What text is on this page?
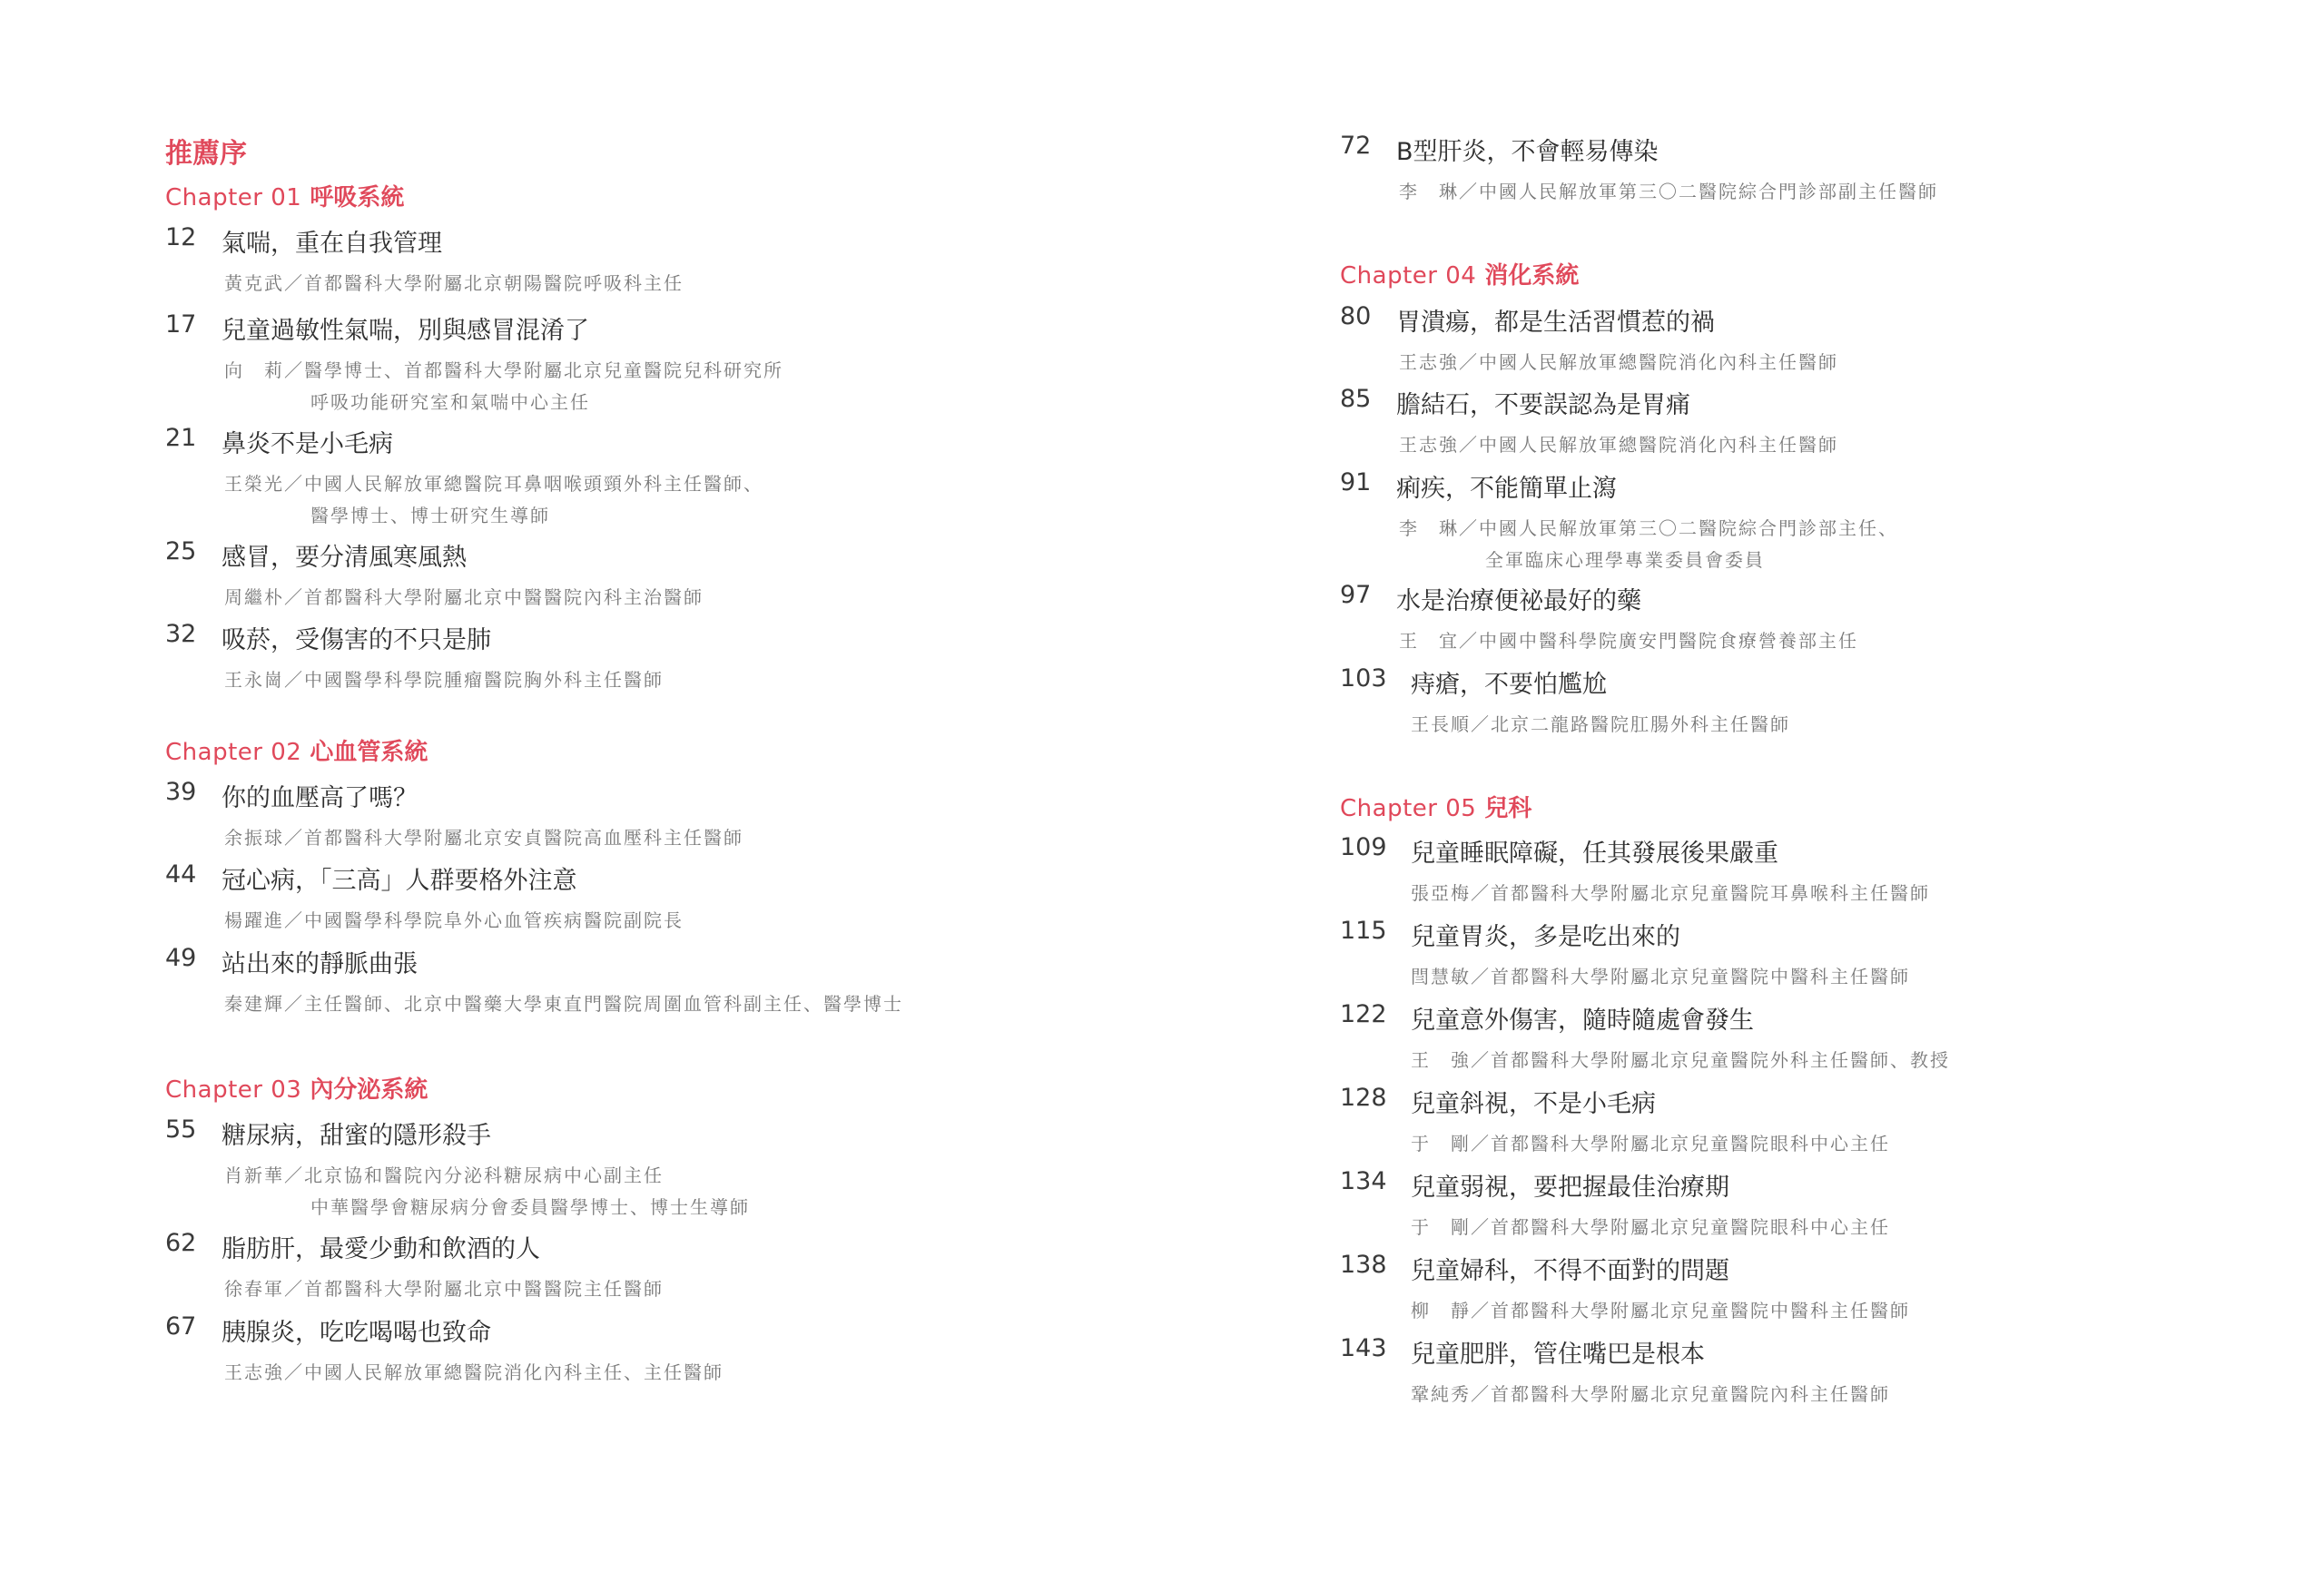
推薦序
Chapter 01 呼吸系統
12 氣喘，重在自我管理
黃克武／首都醫科大學附屬北京朝陽醫院呼吸科主任
17 兒童過敏性氣喘，別與感冒混淆了
向　莉／醫學博士、首都醫科大學附屬北京兒童醫院兒科研究所
呼吸功能研究室和氣喘中心主任
21 鼻炎不是小毛病
王榮光／中國人民解放軍總醫院耳鼻咽喉頭頸外科主任醫師、
醫學博士、博士研究生導師
25 感冒，要分清風寒風熱
周繼朴／首都醫科大學附屬北京中醫醫院內科主治醫師
32 吸菸，受傷害的不只是肺
王永崗／中國醫學科學院腫瘤醫院胸外科主任醫師
Chapter 02 心血管系統
39 你的血壓高了嗎？
余振球／首都醫科大學附屬北京安貞醫院高血壓科主任醫師
44 冠心病，「三高」人群要格外注意
楊躍進／中國醫學科學院阜外心血管疾病醫院副院長
49 站出來的靜脈曲張
秦建輝／主任醫師、北京中醫藥大學東直門醫院周圍血管科副主任、醫學博士
Chapter 03 內分泌系統
55 糖尿病，甜蜜的隱形殺手
肖新華／北京協和醫院內分泌科糖尿病中心副主任
中華醫學會糖尿病分會委員醫學博士、博士生導師
62 脂肪肝，最愛少動和飲酒的人
徐春軍／首都醫科大學附屬北京中醫醫院主任醫師
67 胰腺炎，吃吃喝喝也致命
王志強／中國人民解放軍總醫院消化內科主任、主任醫師
72 B型肝炎，不會輕易傳染
李　琳／中國人民解放軍第三〇二醫院綜合門診部副主任醫師
Chapter 04 消化系統
80 胃潰瘍，都是生活習慣惹的禍
王志強／中國人民解放軍總醫院消化內科主任醫師
85 膽結石，不要誤認為是胃痛
王志強／中國人民解放軍總醫院消化內科主任醫師
91 痢疾，不能簡單止瀉
李　琳／中國人民解放軍第三〇二醫院綜合門診部主任、
全軍臨床心理學專業委員會委員
97 水是治療便祕最好的藥
王　宜／中國中醫科學院廣安門醫院食療營養部主任
103 痔瘡，不要怕尷尬
王長順／北京二龍路醫院肛腸外科主任醫師
Chapter 05 兒科
109 兒童睡眠障礙，任其發展後果嚴重
張亞梅／首都醫科大學附屬北京兒童醫院耳鼻喉科主任醫師
115 兒童胃炎，多是吃出來的
閆慧敏／首都醫科大學附屬北京兒童醫院中醫科主任醫師
122 兒童意外傷害，隨時隨處會發生
王　強／首都醫科大學附屬北京兒童醫院外科主任醫師、教授
128 兒童斜視，不是小毛病
于　剛／首都醫科大學附屬北京兒童醫院眼科中心主任
134 兒童弱視，要把握最佳治療期
于　剛／首都醫科大學附屬北京兒童醫院眼科中心主任
138 兒童婦科，不得不面對的問題
柳　靜／首都醫科大學附屬北京兒童醫院中醫科主任醫師
143 兒童肥胖，管住嘴巴是根本
鞏純秀／首都醫科大學附屬北京兒童醫院內科主任醫師
